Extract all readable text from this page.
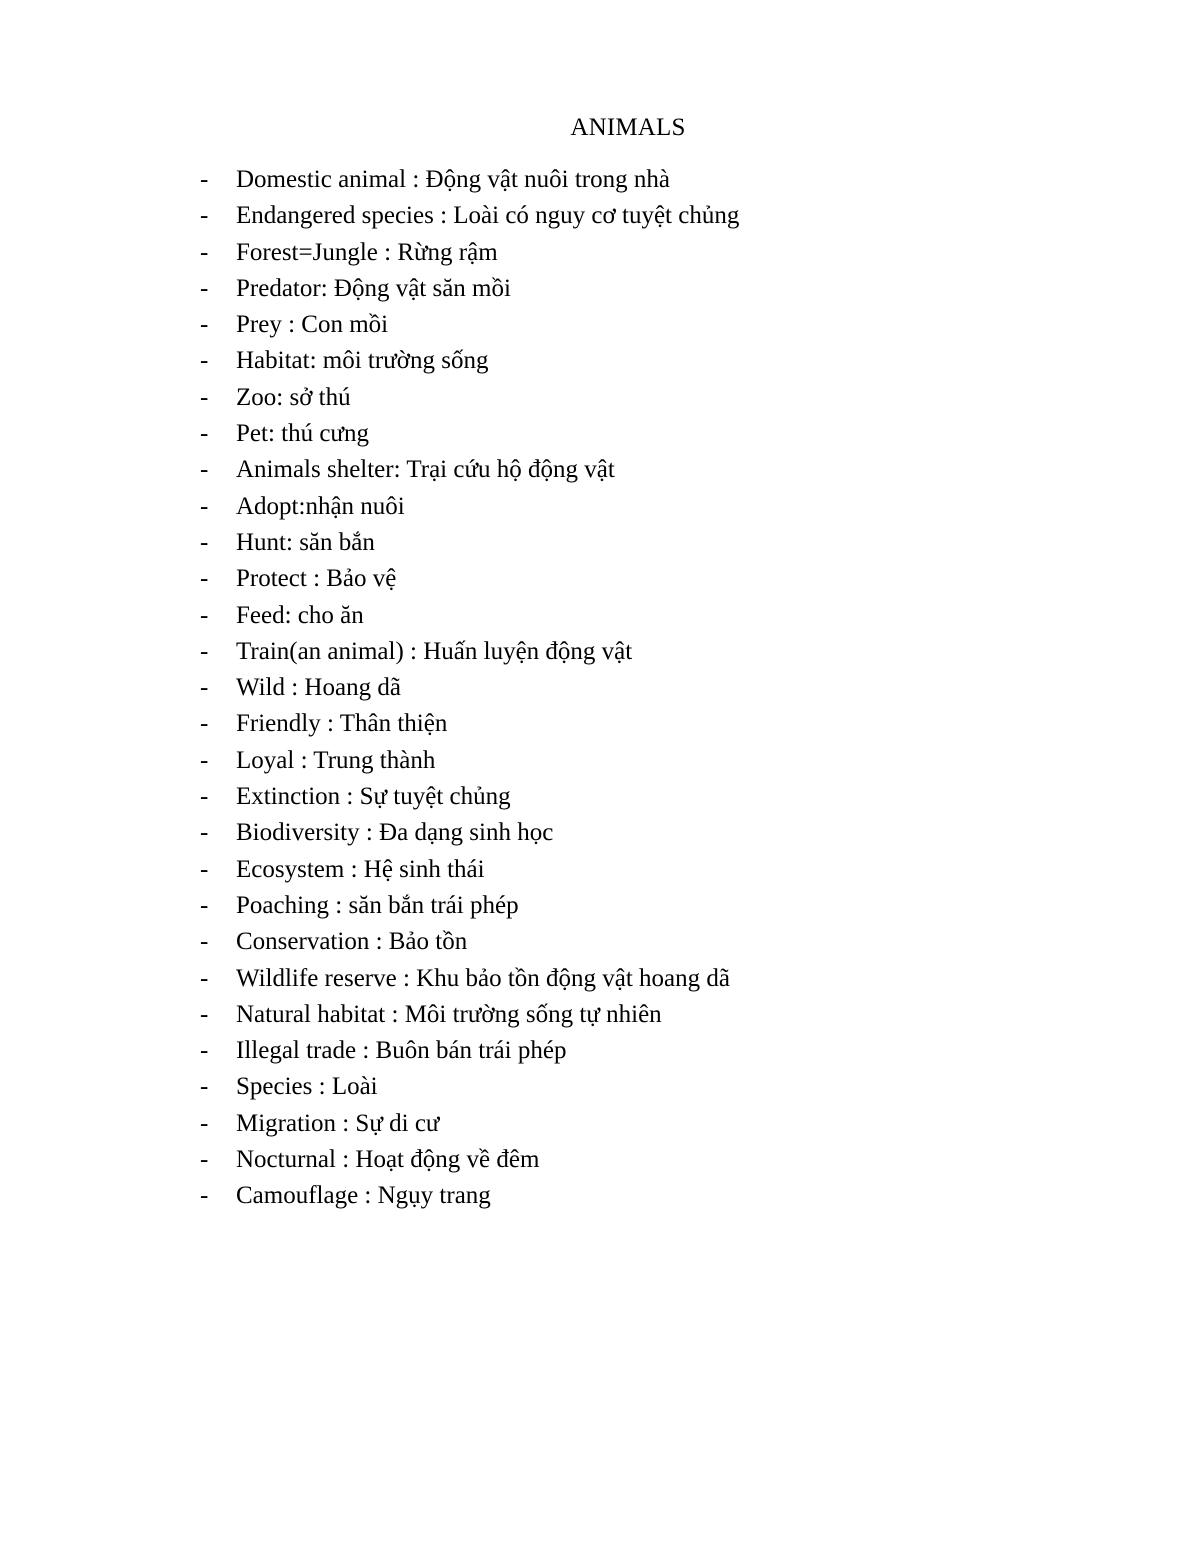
ANIMALS
- Domestic animal : Động vật nuôi trong nhà
- Endangered species : Loài có nguy cơ tuyệt chủng
- Forest=Jungle : Rừng rậm
- Predator: Động vật săn mồi
- Prey : Con mồi
- Habitat: môi trường sống
- Zoo: sở thú
- Pet: thú cưng
- Animals shelter: Trại cứu hộ động vật
- Adopt:nhận nuôi
- Hunt: săn bắn
- Protect : Bảo vệ
- Feed: cho ăn
- Train(an animal) : Huấn luyện động vật
- Wild : Hoang dã
- Friendly : Thân thiện
- Loyal : Trung thành
- Extinction : Sự tuyệt chủng
- Biodiversity : Đa dạng sinh học
- Ecosystem : Hệ sinh thái
- Poaching : săn bắn trái phép
- Conservation : Bảo tồn
- Wildlife reserve : Khu bảo tồn động vật hoang dã
- Natural habitat : Môi trường sống tự nhiên
- Illegal trade : Buôn bán trái phép
- Species : Loài
- Migration : Sự di cư
- Nocturnal : Hoạt động về đêm
- Camouflage : Ngụy trang
